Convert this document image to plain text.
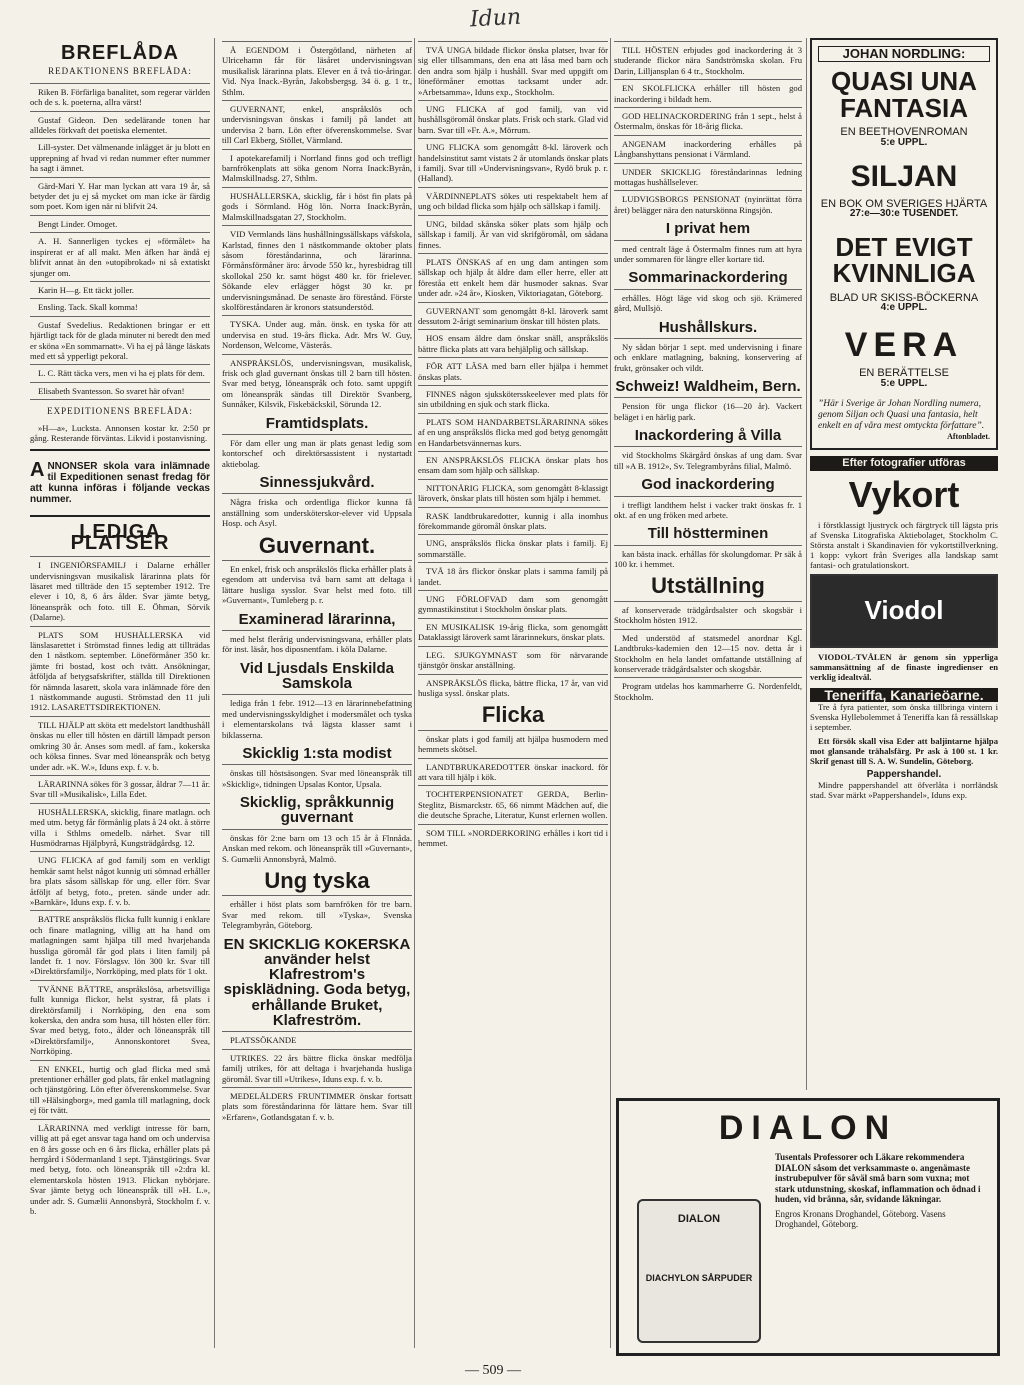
Idun
BREFLÅDA
REDAKTIONENS BREFLÅDA:
Riken B. Förfärliga banalitet, som regerar världen och de s. k. poeterna, allra värst!
Gustaf Gideon. Den sedelärande tonen har alldeles förkvaft det poetiska elementet.
Lill-syster. Det välmenande inlägget är ju blott en upprepning af hvad vi redan nummer efter nummer ha sagt i ämnet.
Gärd-Mari Y. Har man lyckan att vara 19 år, så betyder det ju ej så mycket om man icke är färdig som poet. Kom igen när ni blifvit 24.
Bengt Linder. Omoget.
A. H. Sannerligen tyckes ej »förmålet» ha inspirerat er af all makt. Men äfken har ändå ej blifvit annat än den »utopibrokad» ni så extatiskt sjunger om.
Karin H—g. Ett täckt joller.
Ensling. Tack. Skall komma!
Gustaf Svedelius. Redaktionen bringar er ett hjärtligt tack för de glada minuter ni beredt den med er sköna »En sommarnatt». Vi ha ej på länge läskats med ett så ypperligt pekoral.
L. C. Rätt täcka vers, men vi ha ej plats för dem.
Elisabeth Svantesson. So svaret här ofvan!
EXPEDITIONENS BREFLÅDA:
»H—a», Lucksta. Annonsen kostar kr. 2:50 pr gång. Resterande förväntas. Likvid i postanvisning.
A NNONSER skola vara inlämnade til Expeditionen senast fredag för att kunna införas i följande veckas nummer.
LEDIGA PLATSER
I INGENIÖRSFAMILJ i Dalarne erhåller undervisningsvan musikalisk lärarinna plats för läsaret med tillträde den 15 september 1912. Tre elever i 10, 8, 6 års ålder. Svar jämte betyg, löneanspråk och foto. till E. Öhman, Sörvik (Dalarne).
PLATS SOM HUSHÅLLERSKA vid länslasarettet i Strömstad finnes ledig att tillträdas den 1 nästkom. september. Löneförmåner 350 kr. jämte fri bostad, kost och tvätt. Ansökningar, åtföljda af betygsafskrifter, ställda till Direktionen för nämnda lasarett, skola vara inlämnade före den 1 nästkommande augusti. Strömstad den 11 juli 1912. LASARETTSDIREKTIONEN.
TILL HJÄLP att sköta ett medelstort landthushåll önskas nu eller till hösten en därtill lämpadt person omkring 30 år. Anses som medl. af fam., kokerska och köksa finnes. Svar med löneanspråk och betyg under adr. »K. W.», Iduns exp. f. v. b.
LÄRARINNA sökes för 3 gossar, åldrar 7—11 år. Svar till »Musikalisk», Lilla Edet.
HUSHÅLLERSKA, skicklig, finare matlagn. och med utm. betyg får förmånlig plats å 24 okt. å större villa i Sthlms omedelb. närhet. Svar till Husmödrarnas Hjälpbyrå, Kungsträdgårdsg. 12.
UNG FLICKA af god familj som en verkligt hemkär samt helst något kunnig uti sömnad erhåller bra plats såsom sällskap för ung. eller förr. Svar åtföljt af betyg, foto., preten. sände under adr. »Barnkär», Iduns exp. f. v. b.
BATTRE anspråkslös flicka fullt kunnig i enklare och finare matlagning, villig att ha hand om matlagningen samt hjälpa till med hvarjehanda hussliga göromål får god plats i liten familj på landet fr. 1 nov. Förslagsv. lön 300 kr. Svar till »Direktörsfamilj», Norrköping, med plats för 1 okt.
TVÄNNE BÄTTRE, anspråkslösa, arbetsvilliga fullt kunniga flickor, helst systrar, få plats i direktörsfamilj i Norrköping, den ena som kokerska, den andra som husa, till hösten eller förr. Svar med betyg, foto., ålder och löneanspråk till »Direktörsfamilj», Annonskontoret Svea, Norrköping.
EN ENKEL, hurtig och glad flicka med små pretentioner erhåller god plats, får enkel matlagning och tjänstgöring. Lön efter öfverenskommelse. Svar till »Hälsingborg», med gamla till matlagning, dock ej för tvätt.
LÄRARINNA med verkligt intresse för barn, villig att på eget ansvar taga hand om och undervisa en 8 års gosse och en 6 års flicka, erhåller plats på herrgård i Södermanland 1 sept. Tjänstgörings. Svar med betyg, foto. och löneanspråk till »2:dra kl. elementarskola hösten 1913. Flickan nybörjare. Svar jämte betyg och löneanspråk till »H. L.», under adr. S. Gumælii Annonsbyrå, Stockholm f. v. b.
Å EGENDOM i Östergötland, närheten af Ulricehamn får för läsåret undervisningsvan musikalisk lärarinna plats. Elever en å två tio-åringar. Vid. Nya Inack.-Byrån, Jakobsbergsg. 34 ö. g. 1 tr., Sthlm.
GUVERNANT, enkel, anspråkslös och undervisningsvan önskas i familj på landet att undervisa 2 barn. Lön efter öfverenskommelse. Svar till Carl Ekberg, Stöllet, Värmland.
I apotekarefamilj i Norrland finns god och trefligt barnfrökenplats att söka genom Norra Inack:Byrån, Malmskillnadsg. 27, Sthlm.
HUSHÅLLERSKA, skicklig, får i höst fin plats på gods i Sörmland. Hög lön. Norra Inack:Byrån, Malmskillnadsgatan 27, Stockholm.
VID Vermlands läns hushållningssällskaps väfskola, Karlstad, finnes den 1 nästkommande oktober plats såsom föreståndarinna, och lärarinna. Förmånsförmåner äro: årvode 550 kr., hyresbidrag till skollokal 250 kr. samt högst 480 kr. för frielever. Sökande elev erlägger högst 30 kr. pr undervisningsmånad. De senaste äro förestånd. Förste skolföreståndaren är kronors statsunderstöd.
TYSKA. Under aug. mån. önsk. en tyska för att undervisa en stud. 19-års flicka. Adr. Mrs W. Guy, Nordenson, Welcome, Västerås.
ANSPRÅKSLÖS, undervisningsvan, musikalisk, frisk och glad guvernant önskas till 2 barn till hösten. Svar med betyg, löneanspråk och foto. samt uppgift om löneanspråk sändas till Direktör Svanberg, Sunnåker, Kilsvik, Fiskebäckskil, Sörunda 12.
Framtidsplats.
För dam eller ung man är plats genast ledig som kontorschef och direktörsassistent i nystartadt aktiebolag.
Sinnessjukvård.
Några friska och ordentliga flickor kunna få anställning som undersköterskor-elever vid Uppsala Hosp. och Asyl.
Guvernant.
En enkel, frisk och anspråkslös flicka erhåller plats å egendom att undervisa två barn samt att deltaga i lättare husliga sysslor. Svar helst med foto. till »Guvernant», Tumleberg p. r.
Examinerad lärarinna,
med helst flerårig undervisningsvana, erhåller plats för inst. läsår, hos diposnentfam. i köla Dalarne.
Vid Ljusdals Enskilda Samskola
lediga från 1 febr. 1912—13 en lärarinnebefattning med undervisningsskyldighet i modersmålet och tyska i elementarskolans två lägsta klasser samt i biklasserna.
Skicklig 1:sta modist
önskas till höstsäsongen. Svar med löneanspråk till »Skicklig», tidningen Upsalas Kontor, Upsala.
Skicklig, språkkunnig guvernant
önskas för 2:ne barn om 13 och 15 år å Flnnåda. Anskan med rekom. och löneanspråk till »Guvernant», S. Gumælii Annonsbyrå, Malmö.
Ung tyska
erhåller i höst plats som barnfröken för tre barn. Svar med rekom. till »Tyska», Svenska Telegrambyrån, Göteborg.
EN SKICKLIG KOKERSKA använder helst Klafrestrom's spisklädning. Goda betyg, erhållande Bruket, Klafreström.
PLATSSÖKANDE
UTRIKES. 22 års bättre flicka önskar medfölja familj utrikes, för att deltaga i hvarjehanda husliga göromål. Svar till »Utrikes», Iduns exp. f. v. b.
MEDELÅLDERS FRUNTIMMER önskar fortsatt plats som föreståndarinna för lättare hem. Svar till »Erfaren», Gotlandsgatan f. v. b.
TVÅ UNGA bildade flickor önska platser, hvar för sig eller tillsammans, den ena att låsa med barn och den andra som hjälp i hushåll. Svar med uppgift om löneförmåner emottas tacksamt under adr. »Arbetsamma», Iduns exp., Stockholm.
UNG FLICKA af god familj, van vid hushållsgöromål önskar plats. Frisk och stark. Glad vid barn. Svar till »Fr. A.», Mörrum.
UNG FLICKA som genomgått 8-kl. läroverk och handelsinstitut samt vistats 2 år utomlands önskar plats i familj. Svar till »Undervisningsvan», Rydö bruk p. r. (Halland).
VÄRDINNEPLATS sökes uti respektabelt hem af ung och bildad flicka som hjälp och sällskap i familj.
UNG, bildad skånska söker plats som hjälp och sällskap i familj. Är van vid skrifgöromål, om sådana finnes.
PLATS ÖNSKAS af en ung dam antingen som sällskap och hjälp åt äldre dam eller herre, eller att föreståa ett enkelt hem där husmoder saknas. Svar under adr. »24 år», Kiosken, Viktoriagatan, Göteborg.
GUVERNANT som genomgått 8-kl. läroverk samt dessutom 2-årigt seminarium önskar till hösten plats.
HOS ensam äldre dam önskar snäll, anspråkslös bättre flicka plats att vara behjälplig och sällskap.
FÖR ATT LÄSA med barn eller hjälpa i hemmet önskas plats.
FINNES någon sjukskötersskeelever med plats för sin utbildning en sjuk och stark flicka.
PLATS SOM HANDARBETSLÄRARINNA sökes af en ung anspråkslös flicka med god betyg genomgått en Handarbetsvännernas kurs.
EN ANSPRÅKSLÖS FLICKA önskar plats hos ensam dam som hjälp och sällskap.
NITTONÅRIG FLICKA, som genomgått 8-klassigt läroverk, önskar plats till hösten som hjälp i hemmet.
RASK landtbrukaredotter, kunnig i alla inomhus förekommande göromål önskar plats.
UNG, anspråkslös flicka önskar plats i familj. Ej sommarställe.
TVÅ 18 års flickor önskar plats i samma familj på landet.
UNG FÖRLOFVAD dam som genomgått gymnastikinstitut i Stockholm önskar plats.
EN MUSIKALISK 19-årig flicka, som genomgått Dataklassigt läroverk samt lärarinnekurs, önskar plats.
LEG. SJUKGYMNAST som för närvarande tjänstgör önskar anställning.
ANSPRÅKSLÖS flicka, bättre flicka, 17 år, van vid husliga syssl. önskar plats.
Flicka
önskar plats i god familj att hjälpa husmodern med hemmets skötsel.
LANDTBRUKAREDOTTER önskar inackord. för att vara till hjälp i kök.
TOCHTERPENSIONATET GERDA, Berlin-Steglitz, Bismarckstr. 65, 66 nimmt Mädchen auf, die die deutsche Sprache, Literatur, Kunst erlernen wollen.
SOM TILL »NORDERKORING erhålles i kort tid i hemmet.
TILL HÖSTEN erbjudes god inackordering åt 3 studerande flickor nära Sandströmska skolan. Fru Darin, Lilljansplan 6 4 tr., Stockholm.
EN SKOLFLICKA erhåller till hösten god inackordering i bildadt hem.
GOD HELINACKORDERING från 1 sept., helst å Östermalm, önskas för 18-årig flicka.
ANGENAM inackordering erhålles på Långbanshyttans pensionat i Värmland.
UNDER SKICKLIG föreståndarinnas ledning mottagas hushållselever.
LUDVIGSBORGS PENSIONAT (nyinrättat förra året) belägger nära den naturskönna Ringsjön.
I privat hem
med centralt läge å Östermalm finnes rum att hyra under sommaren för längre eller kortare tid.
Sommarinackordering
erhålles. Högt läge vid skog och sjö. Krämered gård, Mullsjö.
Hushållskurs.
Ny sådan börjar 1 sept. med undervisning i finare och enklare matlagning, bakning, konservering af frukt, grönsaker och vildt.
Schweiz! Waldheim, Bern.
Pension för unga flickor (16—20 år). Vackert beläget i en härlig park.
Inackordering å Villa
vid Stockholms Skärgård önskas af ung dam. Svar till »A B. 1912», Sv. Telegrambyråns filial, Malmö.
God inackordering
i trefligt landthem helst i vacker trakt önskas fr. 1 okt. af en ung fröken med arbete.
Till höstterminen
kan bästa inack. erhållas för skolungdomar. Pr säk å 100 kr. i hemmet.
Utställning
af konserverade trädgårdsalster och skogsbär i Stockholm hösten 1912.
Med understöd af statsmedel anordnar Kgl. Landtbruks-kademien den 12—15 nov. detta år i Stockholm en hela landet omfattande utställning af konserverade trädgårdsalster och skogsbär.
Program utdelas hos kammarherre G. Nordenfeldt, Stockholm.
JOHAN NORDLING:
QUASI UNA FANTASIA
EN BEETHOVENROMAN
5:e UPPL.
SILJAN
EN BOK OM SVERIGES HJÄRTA
27:e—30:e TUSENDET.
DET EVIGT KVINNLIGA
BLAD UR SKISS-BÖCKERNA
4:e UPPL.
VERA
EN BERÄTTELSE
5:e UPPL.
”Här i Sverige är Johan Nordling numera, genom Siljan och Quasi una fantasia, helt enkelt en af våra mest omtyckta författare”.
Aftonbladet.
Efter fotografier utföras
Vykort
i förstklassigt ljustryck och färgtryck till lägsta pris af Svenska Litografiska Aktiebolaget, Stockholm C. Största anstalt i Skandinavien för vykortstillverkning. 1 kopp: vykort från Sveriges alla landskap samt fantasi- och gratulationskort.
Viodol
VIODOL-TVÅLEN är genom sin ypperliga sammansättning af de finaste ingredienser en verklig idealtvål.
Teneriffa, Kanarieöarne.
Tre å fyra patienter, som önska tillbringa vintern i Svenska Hyllebolemmet å Teneriffa kan få ressällskap i september.
Ett försök skall visa Eder att baljintarne hjälpa mot glansande trähalsfärg. Pr ask à 100 st. 1 kr. Skrif genast till S. A. W. Sundelin, Göteborg.
Pappershandel.
Mindre pappershandel att öfverlåta i norrländsk stad. Svar märkt »Pappershandel», Iduns exp.
DIALON
Tusentals Professorer och Läkare rekommendera DIALON såsom det verksammaste o. angenämaste instrubepulver för såväl små barn som vuxna; mot stark utdunstning, skoskaf, inflammation och ödnad i huden, vid bränna, sår, svidande läkningar.
Engros Kronans Droghandel, Göteborg. Vasens Droghandel, Göteborg.
DIALON
DIACHYLON SÅRPUDER
— 509 —
